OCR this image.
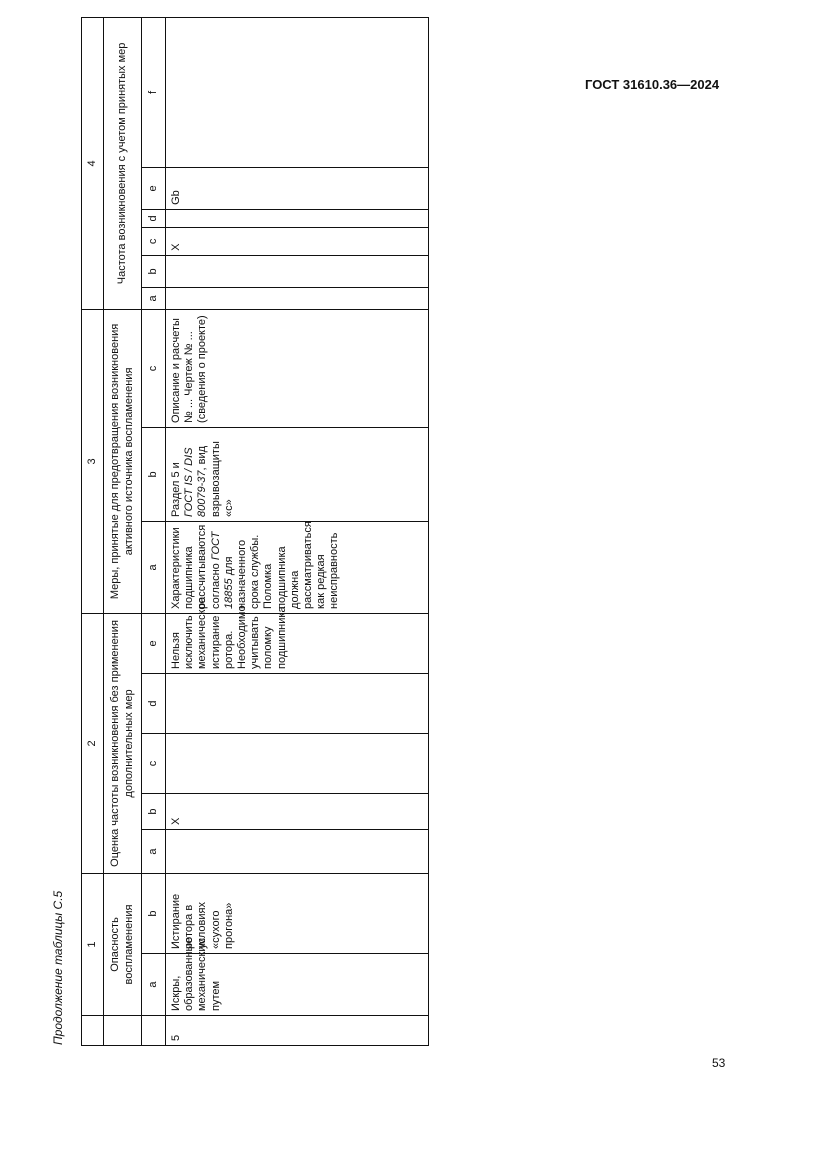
ГОСТ 31610.36—2024
Продолжение таблицы С.5
	1		2					3			4					
	Опасность воспламенения		Оценка частоты возникновения без применения дополнительных мер					Меры, принятые для предотвращения возникновения активного источника воспламенения			Частота возникновения с учетом принятых мер					
	a	b	a	b	c	d	e	a	b	c	a	b	c	d	e	f
5	Искры, образованные механическим путем	Истирание ротора в условиях «сухого прогона»		X			Нельзя исключить механическое истирание ротора. Необходимо учитывать поломку подшипника	Характеристики подшипника рассчитываются согласно ГОСТ 18855 для назначенного срока службы. Поломка подшипника должна рассматриваться как редкая неисправность	Раздел 5 и ГОСТ IS / DIS 80079-37, вид взрывозащиты «с»	Описание и расчеты № ... Чертеж № ... (сведения о проекте)			X		Gb	
53
